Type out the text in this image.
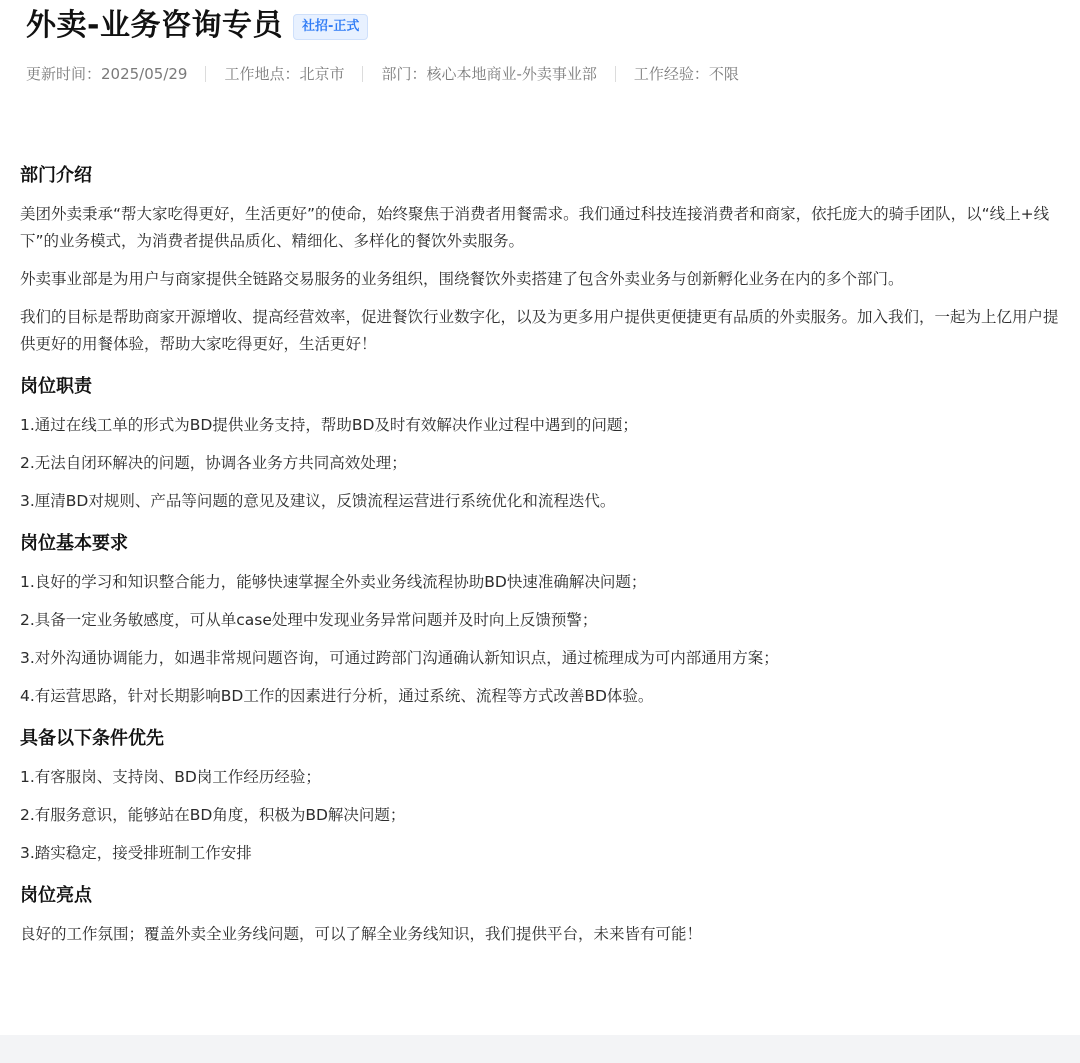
外卖-业务咨询专员	社招-正式
更新时间：2025/05/29 工作地点：北京市 部门：核心本地商业-外卖事业部 工作经验：不限
部门介绍

美团外卖秉承“帮大家吃得更好，生活更好”的使命，始终聚焦于消费者用餐需求。我们通过科技连接消费者和商家，依托庞大的骑手团队，以“线上+线下”的业务模式，为消费者提供品质化、精细化、多样化的餐饮外卖服务。

外卖事业部是为用户与商家提供全链路交易服务的业务组织，围绕餐饮外卖搭建了包含外卖业务与创新孵化业务在内的多个部门。

我们的目标是帮助商家开源增收、提高经营效率，促进餐饮行业数字化，以及为更多用户提供更便捷更有品质的外卖服务。加入我们，一起为上亿用户提供更好的用餐体验，帮助大家吃得更好，生活更好！

岗位职责

1.通过在线工单的形式为BD提供业务支持，帮助BD及时有效解决作业过程中遇到的问题；

2.无法自闭环解决的问题，协调各业务方共同高效处理；

3.厘清BD对规则、产品等问题的意见及建议，反馈流程运营进行系统优化和流程迭代。

岗位基本要求

1.良好的学习和知识整合能力，能够快速掌握全外卖业务线流程协助BD快速准确解决问题；

2.具备一定业务敏感度，可从单case处理中发现业务异常问题并及时向上反馈预警；

3.对外沟通协调能力，如遇非常规问题咨询，可通过跨部门沟通确认新知识点，通过梳理成为可内部通用方案；

4.有运营思路，针对长期影响BD工作的因素进行分析，通过系统、流程等方式改善BD体验。

具备以下条件优先

1.有客服岗、支持岗、BD岗工作经历经验；

2.有服务意识，能够站在BD角度，积极为BD解决问题；

3.踏实稳定，接受排班制工作安排

岗位亮点

良好的工作氛围；覆盖外卖全业务线问题，可以了解全业务线知识，我们提供平台，未来皆有可能！
